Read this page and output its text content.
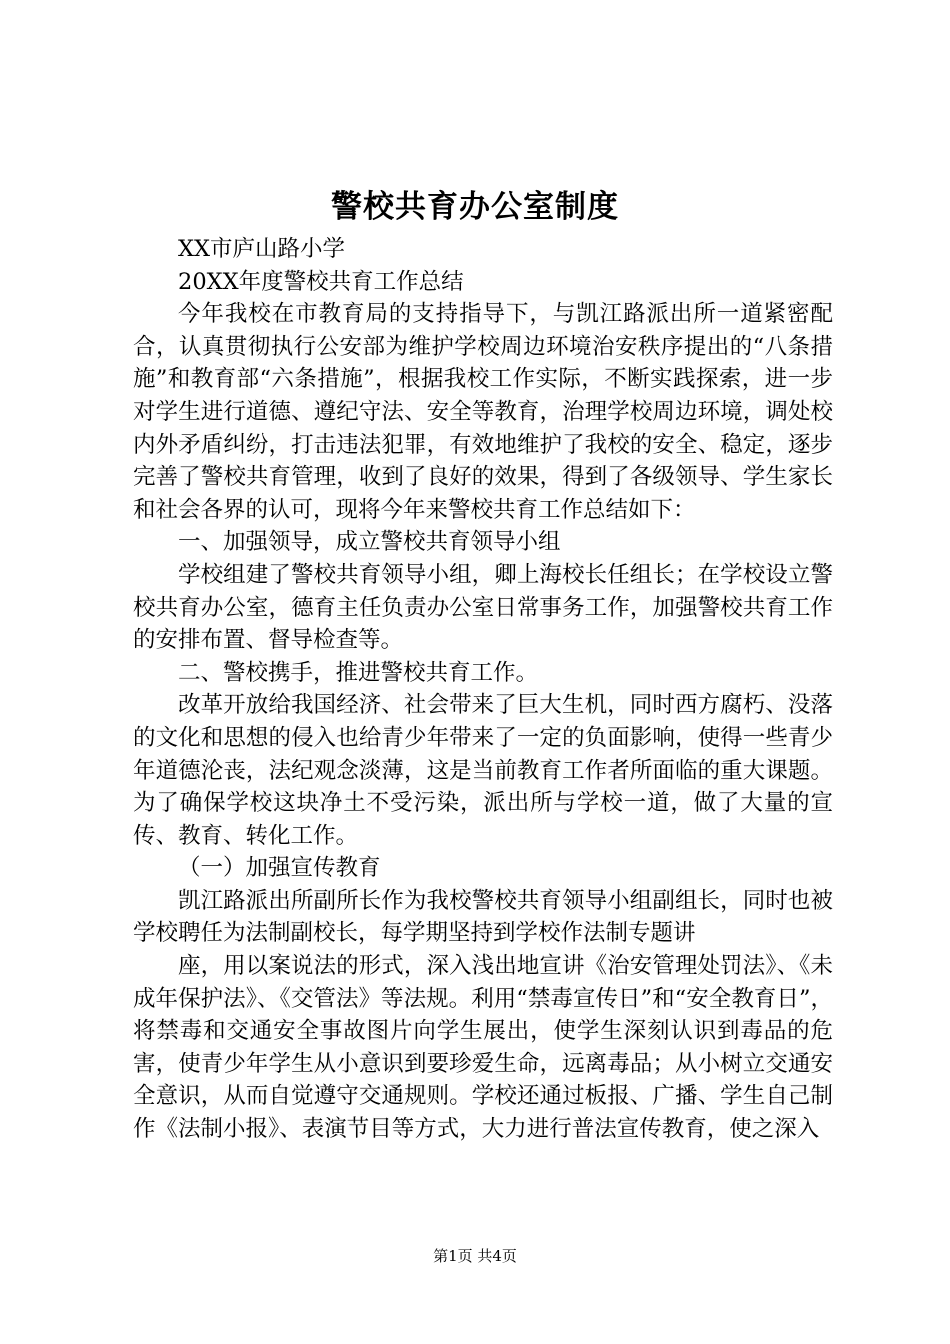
警校共育办公室制度

XX市庐山路小学

20XX年度警校共育工作总结

今年我校在市教育局的支持指导下，与凯江路派出所一道紧密配合，认真贯彻执行公安部为维护学校周边环境治安秩序提出的“八条措施”和教育部“六条措施”，根据我校工作实际，不断实践探索，进一步对学生进行道德、遵纪守法、安全等教育，治理学校周边环境，调处校内外矛盾纠纷，打击违法犯罪，有效地维护了我校的安全、稳定，逐步完善了警校共育管理，收到了良好的效果，得到了各级领导、学生家长和社会各界的认可，现将今年来警校共育工作总结如下：

一、加强领导，成立警校共育领导小组

学校组建了警校共育领导小组，卿上海校长任组长；在学校设立警校共育办公室，德育主任负责办公室日常事务工作，加强警校共育工作的安排布置、督导检查等。

二、警校携手，推进警校共育工作。

改革开放给我国经济、社会带来了巨大生机，同时西方腐朽、没落的文化和思想的侵入也给青少年带来了一定的负面影响，使得一些青少年道德沦丧，法纪观念淡薄，这是当前教育工作者所面临的重大课题。为了确保学校这块净土不受污染，派出所与学校一道，做了大量的宣传、教育、转化工作。

（一）加强宣传教育

凯江路派出所副所长作为我校警校共育领导小组副组长，同时也被学校聘任为法制副校长，每学期坚持到学校作法制专题讲

座，用以案说法的形式，深入浅出地宣讲《治安管理处罚法》、《未成年保护法》、《交管法》等法规。利用“禁毒宣传日”和“安全教育日”，将禁毒和交通安全事故图片向学生展出，使学生深刻认识到毒品的危害，使青少年学生从小意识到要珍爱生命，远离毒品；从小树立交通安全意识，从而自觉遵守交通规则。学校还通过板报、广播、学生自己制作《法制小报》、表演节目等方式，大力进行普法宣传教育，使之深入

第1页 共4页
